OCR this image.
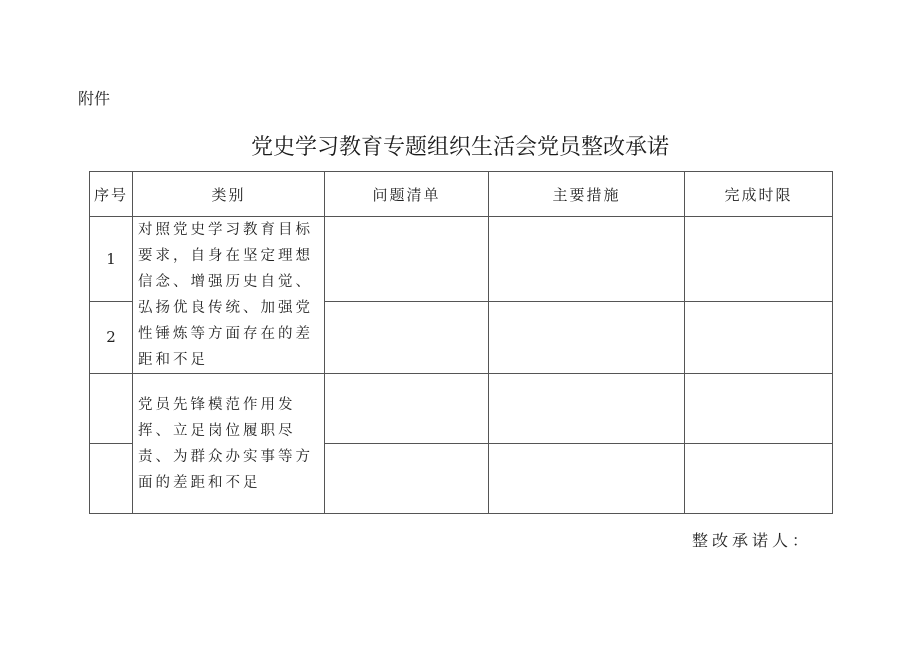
附件
党史学习教育专题组织生活会党员整改承诺
序号	类别	问题清单	主要措施	完成时限
1	对照党史学习教育目标要求，自身在坚定理想信念、增强历史自觉、弘扬优良传统、加强党性锤炼等方面存在的差距和不足			
2				
	党员先锋模范作用发挥、立足岗位履职尽责、为群众办实事等方面的差距和不足			

整改承诺人：
